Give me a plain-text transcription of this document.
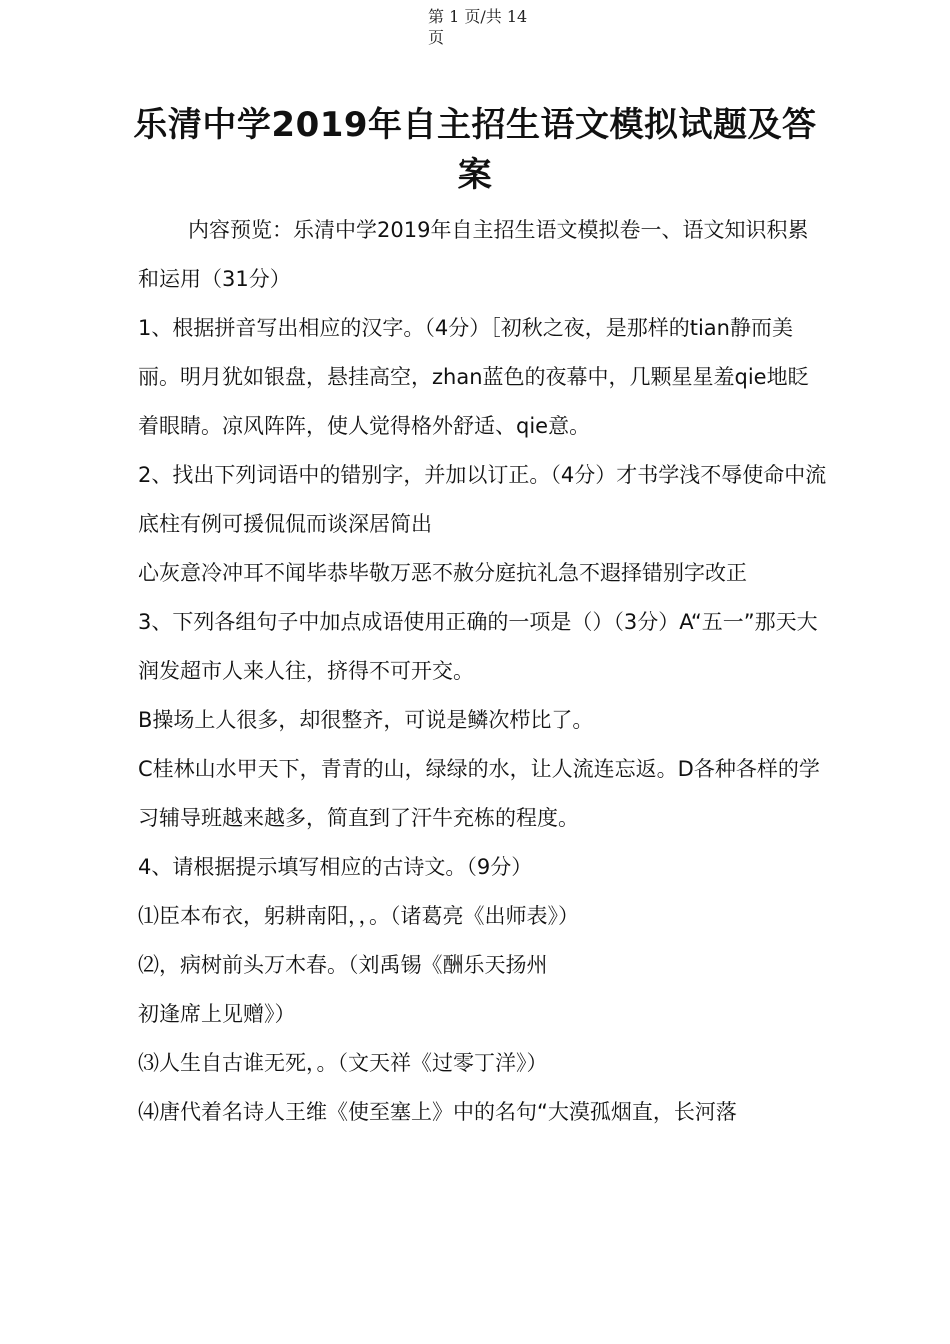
第 1 页/共 14 页
乐清中学2019年自主招生语文模拟试题及答案

内容预览：乐清中学2019年自主招生语文模拟卷一、语文知识积累和运用（31分）

1、根据拼音写出相应的汉字。（4分）［初秋之夜，是那样的tian静而美丽。明月犹如银盘，悬挂高空，zhan蓝色的夜幕中，几颗星星羞qie地眨着眼睛。凉风阵阵，使人觉得格外舒适、qie意。

2、找出下列词语中的错别字，并加以订正。（4分）才书学浅不辱使命中流底柱有例可援侃侃而谈深居简出

心灰意冷冲耳不闻毕恭毕敬万恶不赦分庭抗礼急不遐择错别字改正

3、下列各组句子中加点成语使用正确的一项是（）（3分）A“五一”那天大润发超市人来人往，挤得不可开交。

B操场上人很多，却很整齐，可说是鳞次栉比了。

C桂林山水甲天下，青青的山，绿绿的水，让人流连忘返。D各种各样的学习辅导班越来越多，简直到了汗牛充栋的程度。

4、请根据提示填写相应的古诗文。（9分）

⑴臣本布衣，躬耕南阳，，。（诸葛亮《出师表》）

⑵，病树前头万木春。（刘禹锡《酬乐天扬州

初逢席上见赠》）

⑶人生自古谁无死，。（文天祥《过零丁洋》）

⑷唐代着名诗人王维《使至塞上》中的名句“大漠孤烟直，长河落
